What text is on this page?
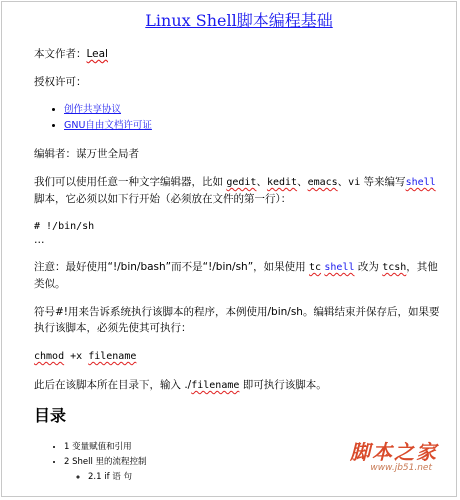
Linux Shell脚本编程基础

本文作者：Leal

授权许可：

• 创作共享协议
• GNU自由文档许可证

编辑者：谋万世全局者

我们可以使用任意一种文字编辑器，比如 gedit、kedit、emacs、vi 等来编写shell 脚本，它必须以如下行开始（必须放在文件的第一行）：

# !/bin/sh

…

注意：最好使用“!/bin/bash”而不是“!/bin/sh”，如果使用 tc shell 改为 tcsh，其他类似。

符号#!用来告诉系统执行该脚本的程序，本例使用/bin/sh。编辑结束并保存后，如果要执行该脚本，必须先使其可执行：

chmod +x filename

此后在该脚本所在目录下，输入 ./filename 即可执行该脚本。

目录
• 1 变量赋值和引用
• 2 Shell 里的流程控制
◦ 2.1 if 语 句
脚本之家
www.jb51.net
